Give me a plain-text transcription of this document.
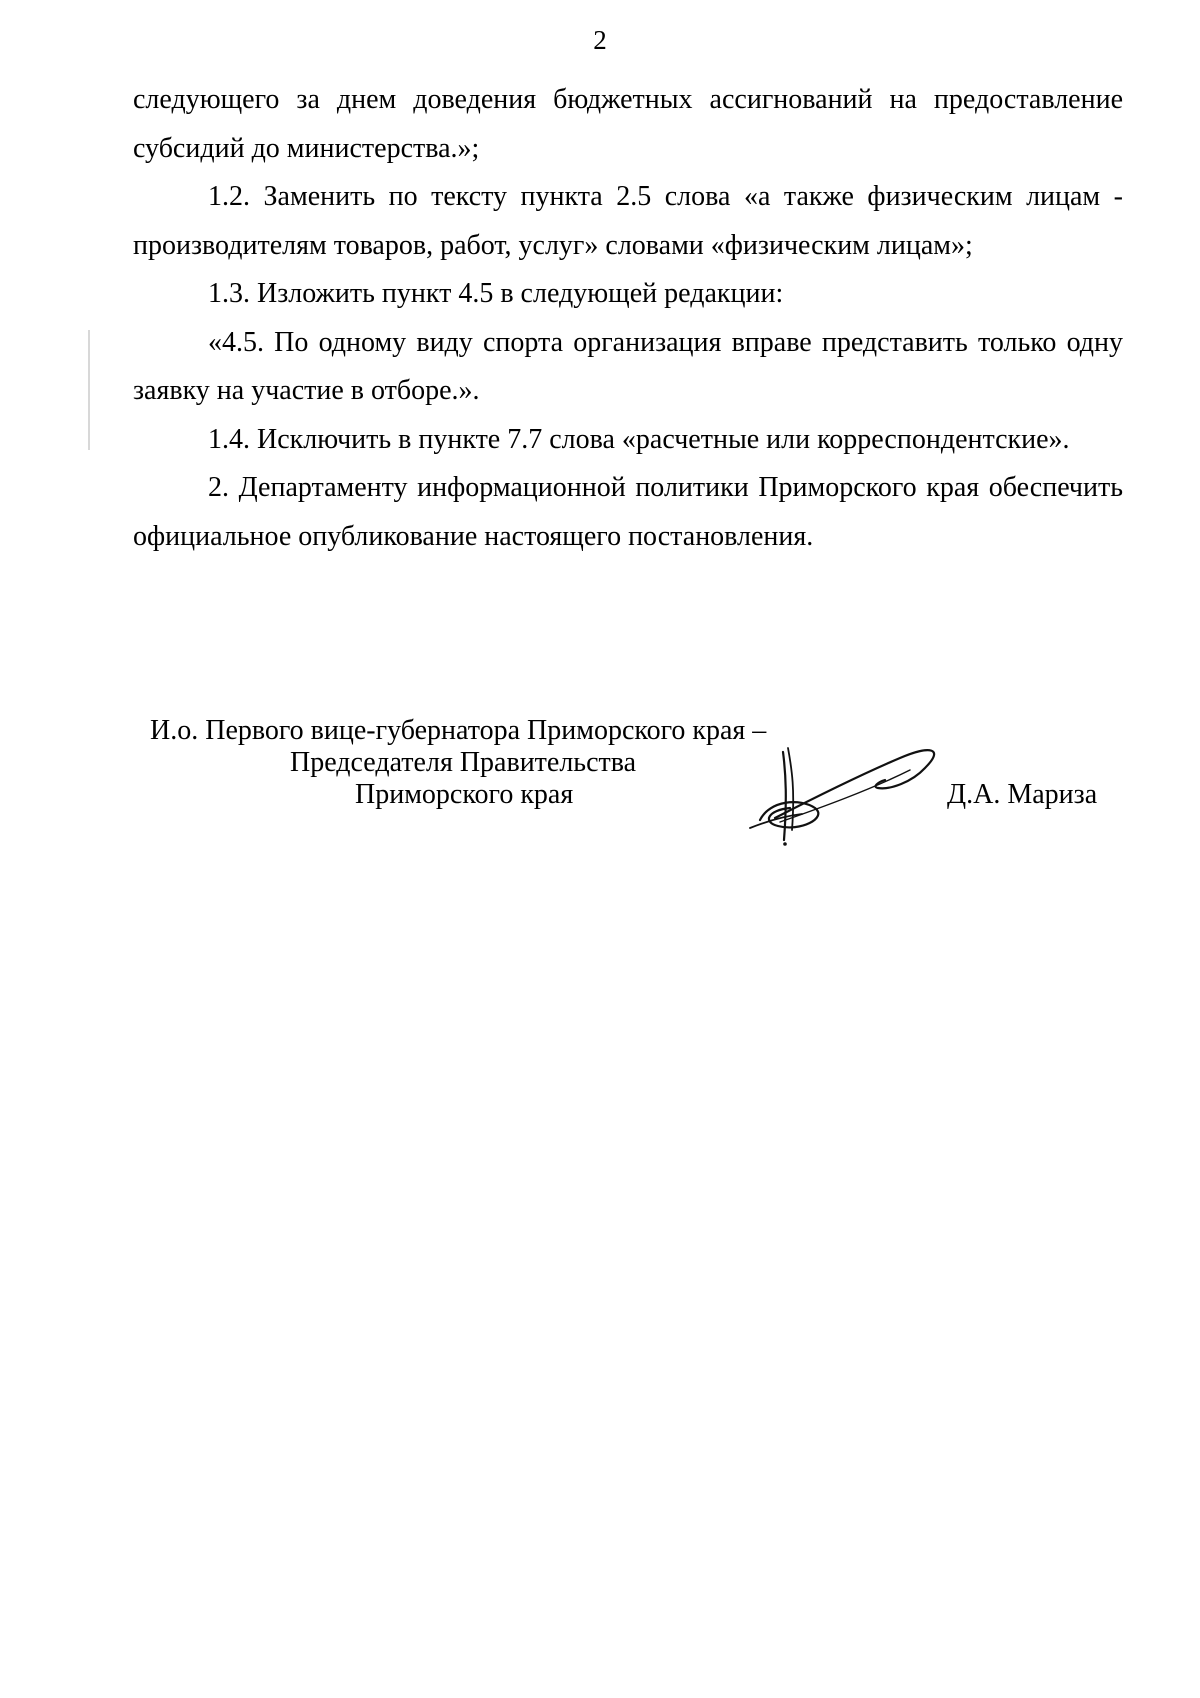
2

следующего за днем доведения бюджетных ассигнований на предоставление субсидий до министерства.»;

1.2. Заменить по тексту пункта 2.5 слова «а также физическим лицам - производителям товаров, работ, услуг» словами «физическим лицам»;

1.3. Изложить пункт 4.5 в следующей редакции:

«4.5. По одному виду спорта организация вправе представить только одну заявку на участие в отборе.».

1.4. Исключить в пункте 7.7 слова «расчетные или корреспондентские».

2. Департаменту информационной политики Приморского края обеспечить официальное опубликование настоящего постановления.

И.о. Первого вице-губернатора Приморского края –
Председателя Правительства
Приморского края	Д.А. Мариза
